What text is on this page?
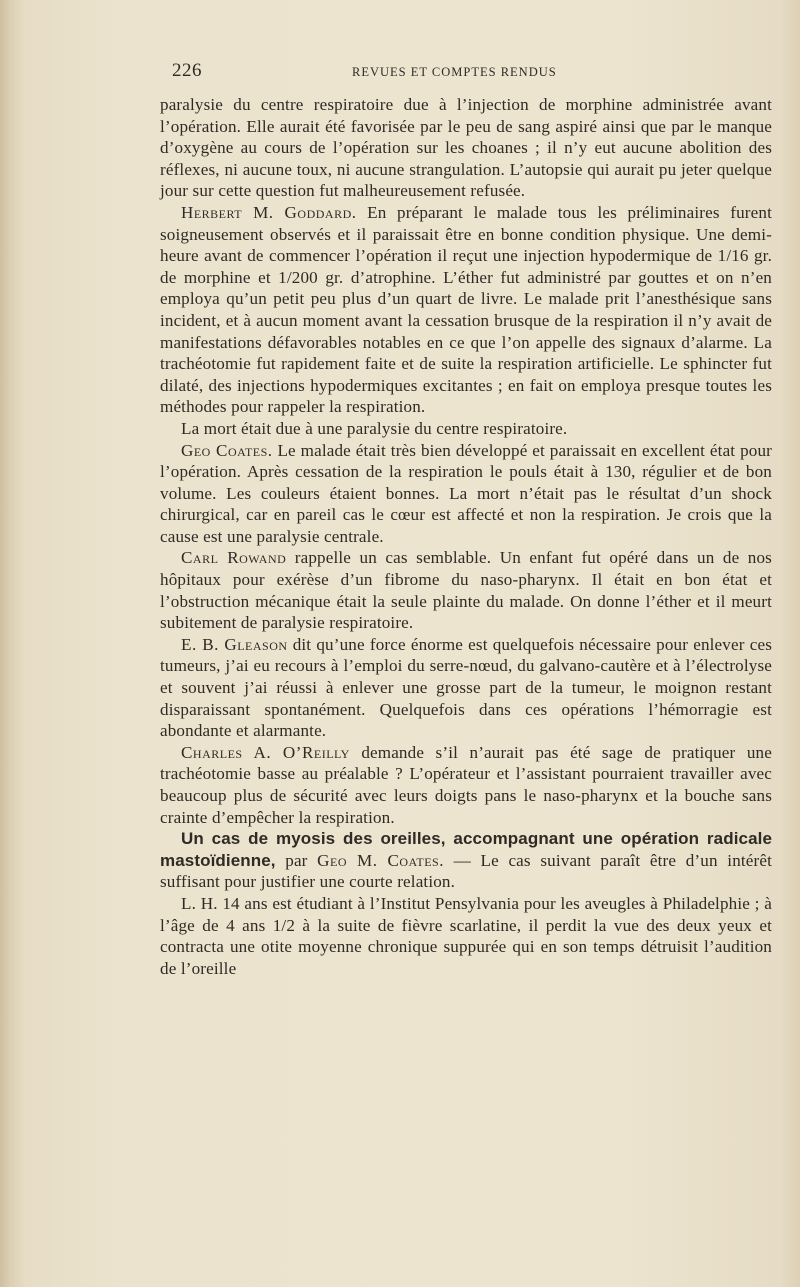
226	REVUES ET COMPTES RENDUS

paralysie du centre respiratoire due à l’injection de morphine administrée avant l’opération. Elle aurait été favorisée par le peu de sang aspiré ainsi que par le manque d’oxygène au cours de l’opération sur les choanes ; il n’y eut aucune abolition des réflexes, ni aucune toux, ni aucune strangulation. L’autopsie qui aurait pu jeter quelque jour sur cette question fut malheureusement refusée.

Herbert M. Goddard. En préparant le malade tous les préliminaires furent soigneusement observés et il paraissait être en bonne condition physique. Une demi-heure avant de commencer l’opération il reçut une injection hypodermique de 1/16 gr. de morphine et 1/200 gr. d’atrophine. L’éther fut administré par gouttes et on n’en employa qu’un petit peu plus d’un quart de livre. Le malade prit l’anesthésique sans incident, et à aucun moment avant la cessation brusque de la respiration il n’y avait de manifestations défavorables notables en ce que l’on appelle des signaux d’alarme. La trachéotomie fut rapidement faite et de suite la respiration artificielle. Le sphincter fut dilaté, des injections hypodermiques excitantes ; en fait on employa presque toutes les méthodes pour rappeler la respiration.

La mort était due à une paralysie du centre respiratoire.

Geo Coates. Le malade était très bien développé et paraissait en excellent état pour l’opération. Après cessation de la respiration le pouls était à 130, régulier et de bon volume. Les couleurs étaient bonnes. La mort n’était pas le résultat d’un shock chirurgical, car en pareil cas le cœur est affecté et non la respiration. Je crois que la cause est une paralysie centrale.

Carl Rowand rappelle un cas semblable. Un enfant fut opéré dans un de nos hôpitaux pour exérèse d’un fibrome du naso-pharynx. Il était en bon état et l’obstruction mécanique était la seule plainte du malade. On donne l’éther et il meurt subitement de paralysie respiratoire.

E. B. Gleason dit qu’une force énorme est quelquefois nécessaire pour enlever ces tumeurs, j’ai eu recours à l’emploi du serre-nœud, du galvano-cautère et à l’électrolyse et souvent j’ai réussi à enlever une grosse part de la tumeur, le moignon restant disparaissant spontanément. Quelquefois dans ces opérations l’hémorragie est abondante et alarmante.

Charles A. O’Reilly demande s’il n’aurait pas été sage de pratiquer une trachéotomie basse au préalable ? L’opérateur et l’assistant pourraient travailler avec beaucoup plus de sécurité avec leurs doigts pans le naso-pharynx et la bouche sans crainte d’empêcher la respiration.

Un cas de myosis des oreilles, accompagnant une opération radicale mastoïdienne, par Geo M. Coates. — Le cas suivant paraît être d’un intérêt suffisant pour justifier une courte relation.

L. H. 14 ans est étudiant à l’Institut Pensylvania pour les aveugles à Philadelphie ; à l’âge de 4 ans 1/2 à la suite de fièvre scarlatine, il perdit la vue des deux yeux et contracta une otite moyenne chronique suppurée qui en son temps détruisit l’audition de l’oreille
